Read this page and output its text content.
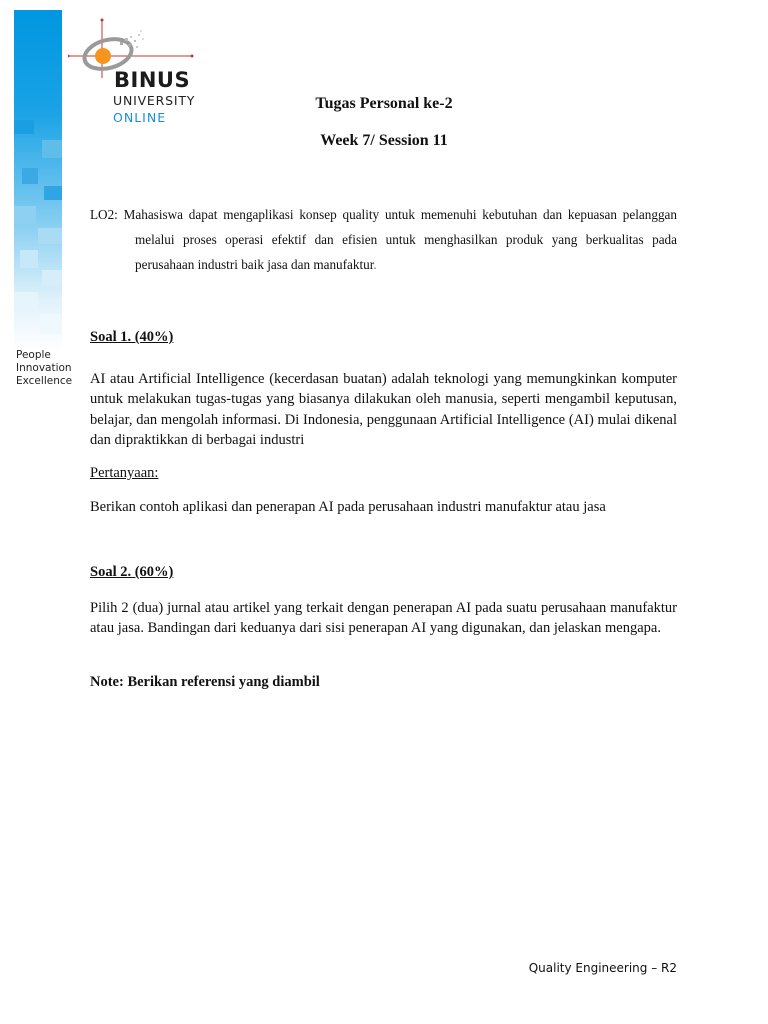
People
Innovation
Excellence
BINUS
UNIVERSITY
ONLINE
Tugas Personal ke-2
Week 7/ Session 11
LO2: Mahasiswa dapat mengaplikasi konsep quality untuk memenuhi kebutuhan dan kepuasan pelanggan melalui proses operasi efektif dan efisien untuk menghasilkan produk yang berkualitas pada perusahaan industri baik jasa dan manufaktur.
Soal 1. (40%)
AI atau Artificial Intelligence (kecerdasan buatan) adalah teknologi yang memungkinkan komputer untuk melakukan tugas-tugas yang biasanya dilakukan oleh manusia, seperti mengambil keputusan, belajar, dan mengolah informasi. Di Indonesia, penggunaan Artificial Intelligence (AI) mulai dikenal dan dipraktikkan di berbagai industri
Pertanyaan:
Berikan contoh aplikasi dan penerapan AI pada perusahaan industri manufaktur atau jasa
Soal 2. (60%)
Pilih 2 (dua) jurnal atau artikel yang terkait dengan penerapan AI pada suatu perusahaan manufaktur atau jasa. Bandingan dari keduanya dari sisi penerapan AI yang digunakan, dan jelaskan mengapa.
Note: Berikan referensi yang diambil
Quality Engineering – R2
